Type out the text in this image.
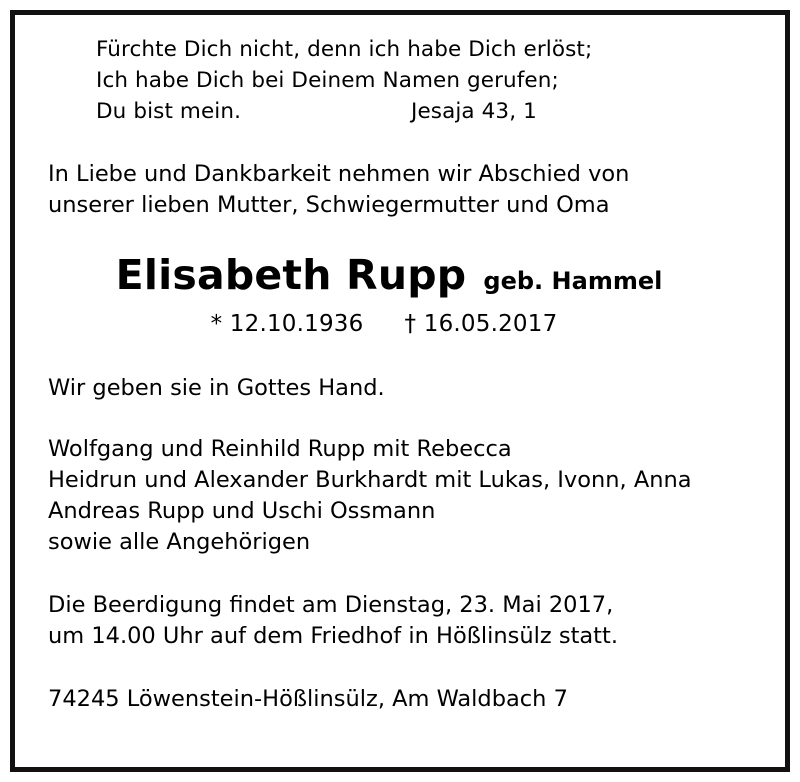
Fürchte Dich nicht, denn ich habe Dich erlöst;
Ich habe Dich bei Deinem Namen gerufen;
Du bist mein.	Jesaja 43, 1
In Liebe und Dankbarkeit nehmen wir Abschied von
unserer lieben Mutter, Schwiegermutter und Oma
Elisabeth Rupp geb. Hammel
* 12.10.1936 † 16.05.2017
Wir geben sie in Gottes Hand.
Wolfgang und Reinhild Rupp mit Rebecca
Heidrun und Alexander Burkhardt mit Lukas, Ivonn, Anna
Andreas Rupp und Uschi Ossmann
sowie alle Angehörigen
Die Beerdigung findet am Dienstag, 23. Mai 2017,
um 14.00 Uhr auf dem Friedhof in Hößlinsülz statt.
74245 Löwenstein-Hößlinsülz, Am Waldbach 7
